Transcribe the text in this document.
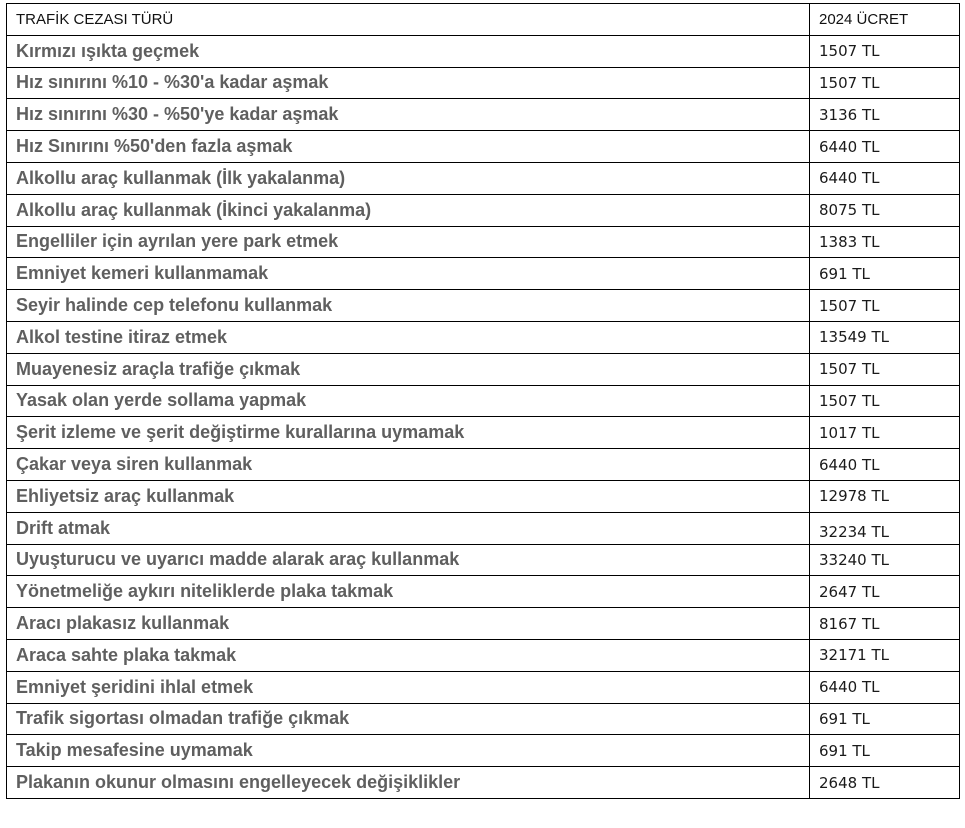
TRAFİK CEZASI TÜRÜ	2024 ÜCRET
Kırmızı ışıkta geçmek	1507 TL
Hız sınırını %10 - %30'a kadar aşmak	1507 TL
Hız sınırını %30 - %50'ye kadar aşmak	3136 TL
Hız Sınırını %50'den fazla aşmak	6440 TL
Alkollu araç kullanmak (İlk yakalanma)	6440 TL
Alkollu araç kullanmak (İkinci yakalanma)	8075 TL
Engelliler için ayrılan yere park etmek	1383 TL
Emniyet kemeri kullanmamak	691 TL
Seyir halinde cep telefonu kullanmak	1507 TL
Alkol testine itiraz etmek	13549 TL
Muayenesiz araçla trafiğe çıkmak	1507 TL
Yasak olan yerde sollama yapmak	1507 TL
Şerit izleme ve şerit değiştirme kurallarına uymamak	1017 TL
Çakar veya siren kullanmak	6440 TL
Ehliyetsiz araç kullanmak	12978 TL
Drift atmak	32234 TL
Uyuşturucu ve uyarıcı madde alarak araç kullanmak	33240 TL
Yönetmeliğe aykırı niteliklerde plaka takmak	2647 TL
Aracı plakasız kullanmak	8167 TL
Araca sahte plaka takmak	32171 TL
Emniyet şeridini ihlal etmek	6440 TL
Trafik sigortası olmadan trafiğe çıkmak	691 TL
Takip mesafesine uymamak	691 TL
Plakanın okunur olmasını engelleyecek değişiklikler	2648 TL
